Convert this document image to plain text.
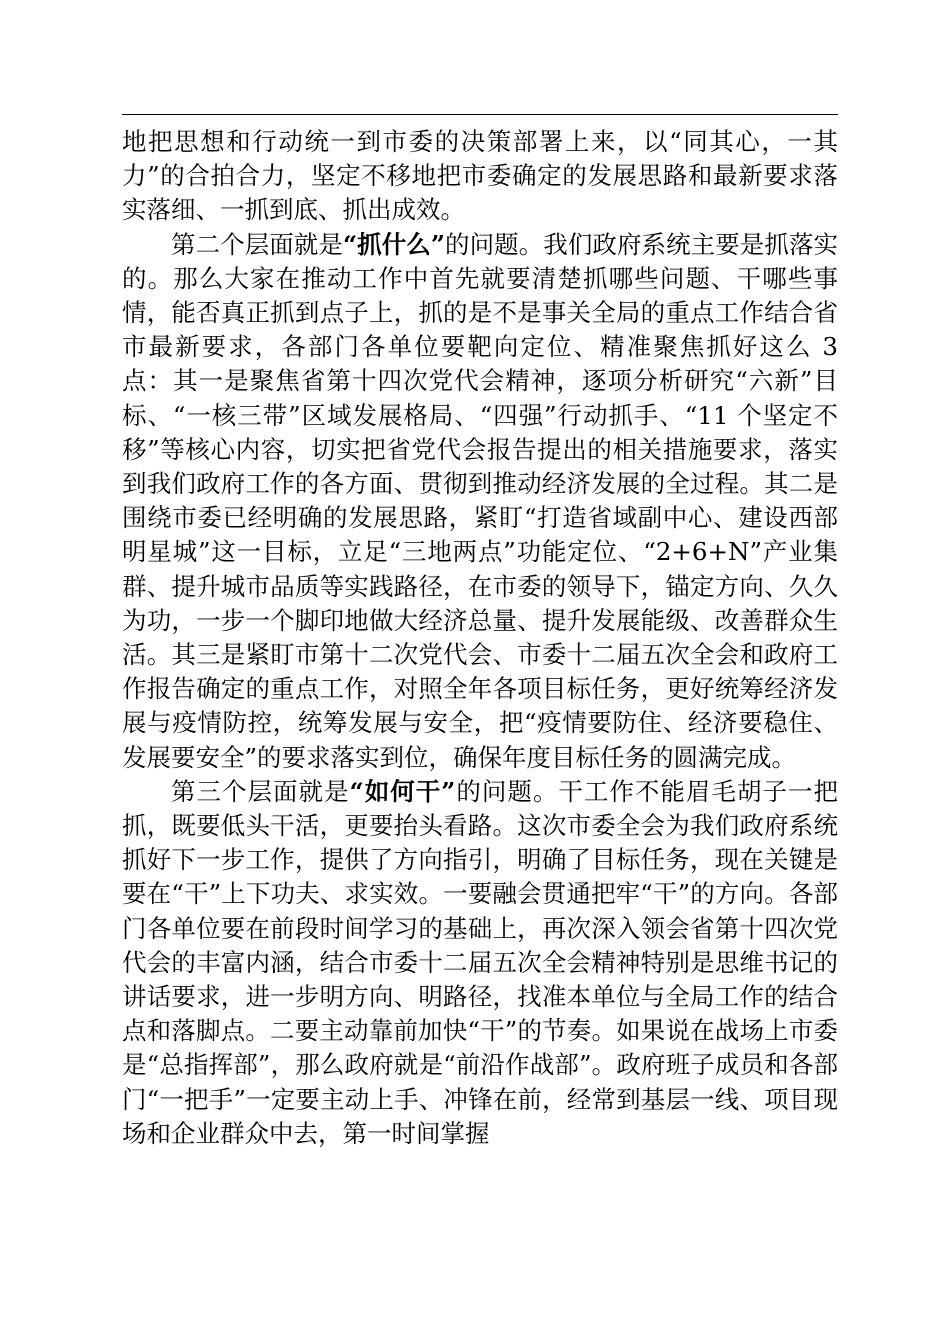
地把思想和行动统一到市委的决策部署上来，以“同其心，一其力”的合拍合力，坚定不移地把市委确定的发展思路和最新要求落实落细、一抓到底、抓出成效。

第二个层面就是“抓什么”的问题。我们政府系统主要是抓落实的。那么大家在推动工作中首先就要清楚抓哪些问题、干哪些事情，能否真正抓到点子上，抓的是不是事关全局的重点工作结合省市最新要求，各部门各单位要靶向定位、精准聚焦抓好这么 3 点：其一是聚焦省第十四次党代会精神，逐项分析研究“六新”目标、“一核三带”区域发展格局、“四强”行动抓手、“11 个坚定不移”等核心内容，切实把省党代会报告提出的相关措施要求，落实到我们政府工作的各方面、贯彻到推动经济发展的全过程。其二是围绕市委已经明确的发展思路，紧盯“打造省域副中心、建设西部明星城”这一目标，立足“三地两点”功能定位、“2+6+N”产业集群、提升城市品质等实践路径，在市委的领导下，锚定方向、久久为功，一步一个脚印地做大经济总量、提升发展能级、改善群众生活。其三是紧盯市第十二次党代会、市委十二届五次全会和政府工作报告确定的重点工作，对照全年各项目标任务，更好统筹经济发展与疫情防控，统筹发展与安全，把“疫情要防住、经济要稳住、发展要安全”的要求落实到位，确保年度目标任务的圆满完成。

第三个层面就是“如何干”的问题。干工作不能眉毛胡子一把抓，既要低头干活，更要抬头看路。这次市委全会为我们政府系统抓好下一步工作，提供了方向指引，明确了目标任务，现在关键是要在“干”上下功夫、求实效。一要融会贯通把牢“干”的方向。各部门各单位要在前段时间学习的基础上，再次深入领会省第十四次党代会的丰富内涵，结合市委十二届五次全会精神特别是思维书记的讲话要求，进一步明方向、明路径，找准本单位与全局工作的结合点和落脚点。二要主动靠前加快“干”的节奏。如果说在战场上市委是“总指挥部”，那么政府就是“前沿作战部”。政府班子成员和各部门“一把手”一定要主动上手、冲锋在前，经常到基层一线、项目现场和企业群众中去，第一时间掌握
